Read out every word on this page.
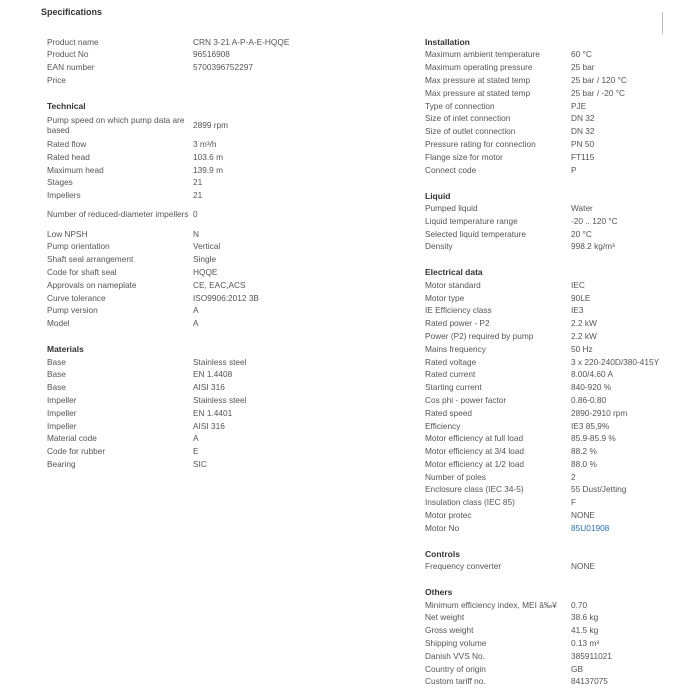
Specifications
Product name	CRN 3-21 A-P-A-E-HQQE
Product No	96516908
EAN number	5700396752297
Price
Technical
Pump speed on which pump data are based	2899 rpm
Rated flow	3 m³/h
Rated head	103.6 m
Maximum head	139.9 m
Stages	21
Impellers	21
Number of reduced-diameter impellers 0
Low NPSH	N
Pump orientation	Vertical
Shaft seal arrangement	Single
Code for shaft seal	HQQE
Approvals on nameplate	CE, EAC,ACS
Curve tolerance	ISO9906:2012 3B
Pump version	A
Model	A
Materials
Base	Stainless steel
Base	EN 1.4408
Base	AISI 316
Impeller	Stainless steel
Impeller	EN 1.4401
Impeller	AISI 316
Material code	A
Code for rubber	E
Bearing	SIC
Installation
Maximum ambient temperature	60 °C
Maximum operating pressure	25 bar
Max pressure at stated temp	25 bar / 120 °C
Max pressure at stated temp	25 bar / -20 °C
Type of connection	PJE
Size of inlet connection	DN 32
Size of outlet connection	DN 32
Pressure rating for connection	PN 50
Flange size for motor	FT115
Connect code	P
Liquid
Pumped liquid	Water
Liquid temperature range	-20 .. 120 °C
Selected liquid temperature	20 °C
Density	998.2 kg/m³
Electrical data
Motor standard	IEC
Motor type	90LE
IE Efficiency class	IE3
Rated power - P2	2.2 kW
Power (P2) required by pump	2.2 kW
Mains frequency	50 Hz
Rated voltage	3 x 220-240D/380-415Y
Rated current	8.00/4.60 A
Starting current	840-920 %
Cos phi - power factor	0.86-0.80
Rated speed	2890-2910 rpm
Efficiency	IE3 85,9%
Motor efficiency at full load	85.9-85.9 %
Motor efficiency at 3/4 load	88.2 %
Motor efficiency at 1/2 load	88.0 %
Number of poles	2
Enclosure class (IEC 34-5)	55 Dust/Jetting
Insulation class (IEC 85)	F
Motor protec	NONE
Motor No	85U01908
Controls
Frequency converter	NONE
Others
Minimum efficiency index, MEI â‰¥	0.70
Net weight	38.6 kg
Gross weight	41.5 kg
Shipping volume	0.13 m³
Danish VVS No.	385911021
Country of origin	GB
Custom tariff no.	84137075
